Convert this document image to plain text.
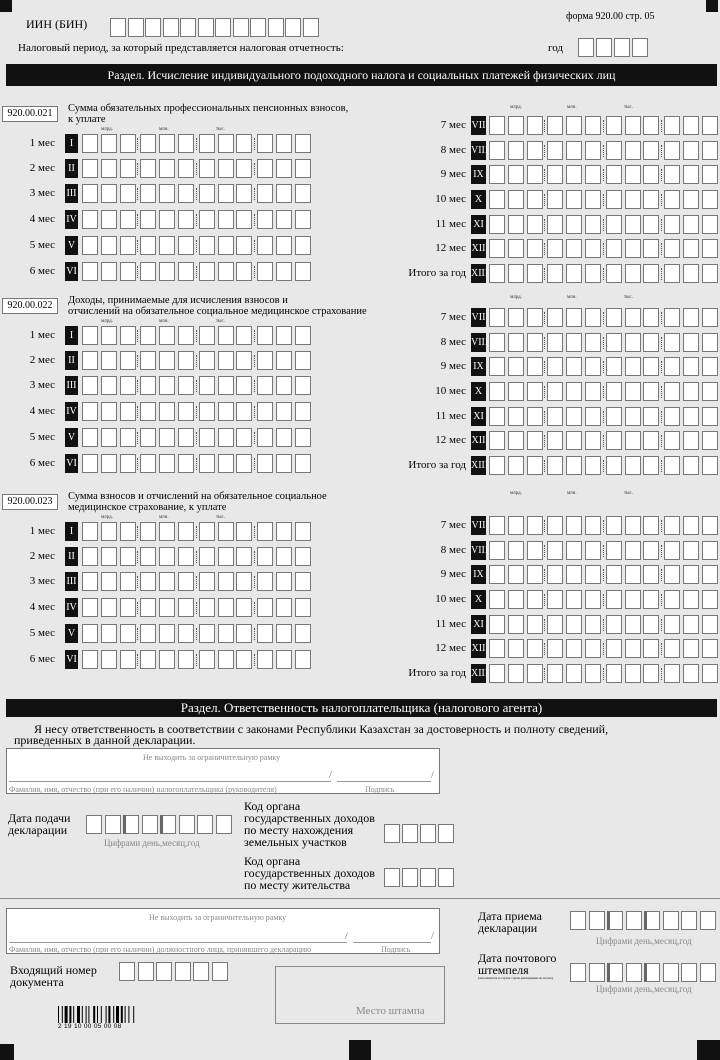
ИИН (БИН)
форма 920.00 стр. 05
Налоговый период, за который представляется налоговая отчетность:	год
Раздел. Исчисление индивидуального подоходного налога и социальных платежей физических лиц
920.00.021	Сумма обязательных профессиональных пенсионных взносов,
к уплате
млрд.	млн.	тыс.
млрд.	млн.	тыс.
1 мес	I
2 мес	II
3 мес III
4 мес IV
5 мес V
6 мес VI
7 мес VII
8 мес VIII
9 мес IX
10 мес X
11 мес XI
12 мес XII
Итого за год XIII
920.00.022	Доходы, принимаемые для исчисления взносов и
отчислений на обязательное социальное медицинское страхование
млрд.	млн.	тыс.
млрд.	млн.	тыс.
1 мес	I
2 мес	II
3 мес III
4 мес IV
5 мес V
6 мес VI
7 мес VII
8 мес VIII
9 мес IX
10 мес X
11 мес XI
12 мес XII
Итого за год XIII
920.00.023	Сумма взносов и отчислений на обязательное социальное
медицинское страхование, к уплате
млрд.	млн.	тыс.
млрд.	млн.	тыс.
1 мес	I
2 мес	II
3 мес III
4 мес IV
5 мес V
6 мес VI
7 мес VII
8 мес VIII
9 мес IX
10 мес X
11 мес XI
12 мес XII
Итого за год XIII
Раздел. Ответственность налогоплательщика (налогового агента)
Я несу ответственность в соответствии с законами Республики Казахстан за достоверность и полноту сведений,
приведенных в данной декларации.
Не выходить за ограничительную рамку
/	/
Фамилия, имя, отчество (при его наличии) налогоплательщика (руководителя)	Подпись
Дата подачи
декларации
Цифрами день,месяц,год
Код органа
государственных доходов
по месту нахождения
земельных участков
Код органа
государственных доходов
по месту жительства
Не выходить за ограничительную рамку
/	/
Фамилия, имя, отчество (при его наличии) должностного лица, принявшего декларацию	Подпись
Дата приема
декларации
Цифрами день,месяц,год
Дата почтового
штемпеля
(заполняется в случае сдачи декларации по почте)
Цифрами день,месяц,год
Входящий номер
документа
Место штампа
2 19 10 00 05 00 08
